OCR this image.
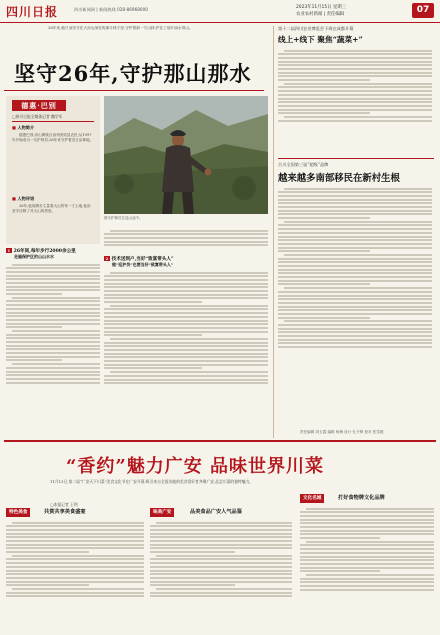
四川日报	四川新闻网 | 新闻热线 028-86968000	2023年11月15日 星期三
农业农村新闻 | 责任编辑	07
26年来,他只身坚守在大凉山深处的那片林子里,守护着那一方山林,护住了那片绿水青山。
坚守26年,守护那山那水
图为护林员在巡山途中。
德惠·巴别
□四川日报全媒体记者 魏学军
■ 人物简介
德惠巴别,凉山彝族自治州美姑县农民,从1997年开始成为一名护林员,26年来守护着近万亩林地。
■ 人物评语
26年,他用脚步丈量着大山的每一寸土地,他用坚守诠释了对大山的热爱。
1 26年间,每年步行2000余公里
走遍保护区的山山水水	2 技术送到户,当好“致富带头人”
做“巡护员”也要当好“致富带头人”
第十二届四川农业博览会下周在成都开幕
线上+线下 聚焦“蔬菜+”
合川全国第三届“超级”品牌
越来越多南部移民在新村生根
责任编辑 刘玉霞 编辑 杨梅 设计 孔令锋 校对 张雪媛
“香约”魅力广安 品味世界川菜
11月13日,第二届“广安天下川菜”美食文化节在广安开幕,吸引来自全国各地的美食爱好者齐聚广安,品尝川菜的独特魅力。
□本报记者 王利
特色美食	共赏共享美食盛宴	味美广安	品美食品广安人气品鉴
文化名城	打好食物牌文化品牌
